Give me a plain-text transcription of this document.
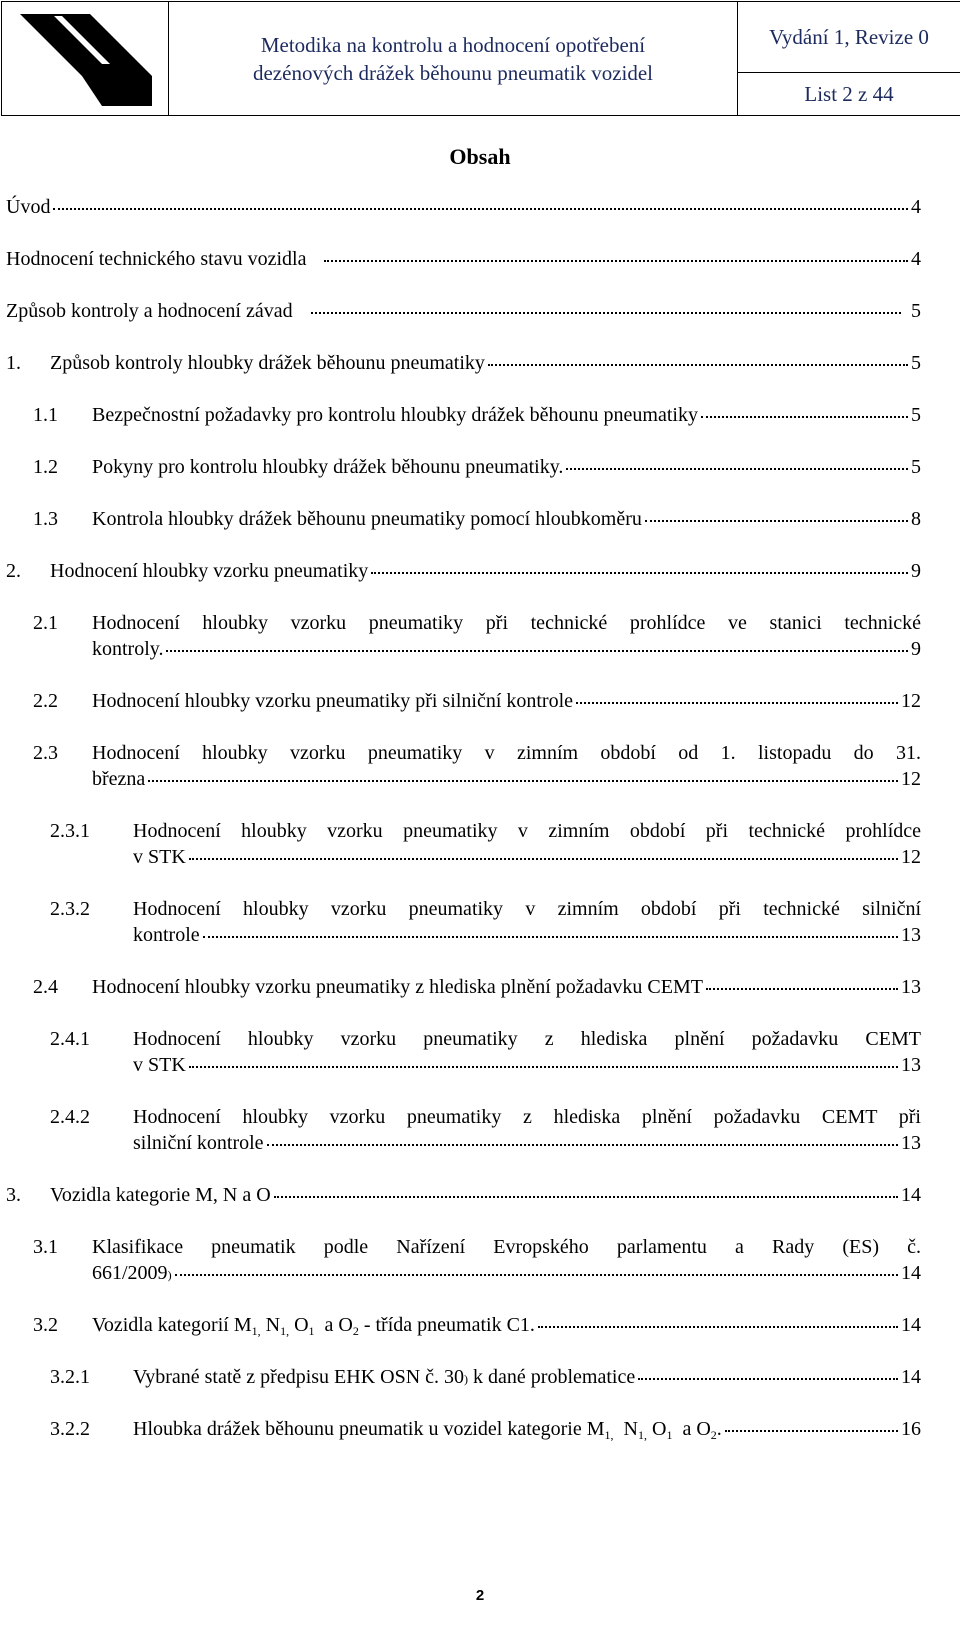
Metodika na kontrolu a hodnocení opotřebení
dezénových drážek běhounu pneumatik vozidel
	Vydání 1, Revize 0
List 2 z 44
Obsah
Úvod	4
Hodnocení technického stavu vozidla	4
Způsob kontroly a hodnocení závad	5
1.	Způsob kontroly hloubky drážek běhounu pneumatiky	5
1.1	Bezpečnostní požadavky pro kontrolu hloubky drážek běhounu pneumatiky	5
1.2	Pokyny pro kontrolu hloubky drážek běhounu pneumatiky.	5
1.3	Kontrola hloubky drážek běhounu pneumatiky pomocí hloubkoměru	8
2.	Hodnocení hloubky vzorku pneumatiky	9
2.1	Hodnocení hloubky vzorku pneumatiky při technické prohlídce ve stanici technické
kontroly.	9
2.2	Hodnocení hloubky vzorku pneumatiky při silniční kontrole	12
2.3	Hodnocení hloubky vzorku pneumatiky v zimním období od 1. listopadu do 31.
března	12
2.3.1	Hodnocení hloubky vzorku pneumatiky v zimním období při technické prohlídce
v STK	12
2.3.2	Hodnocení hloubky vzorku pneumatiky v zimním období při technické silniční
kontrole	13
2.4	Hodnocení hloubky vzorku pneumatiky z hlediska plnění požadavku CEMT	13
2.4.1	Hodnocení hloubky vzorku pneumatiky z hlediska plnění požadavku CEMT
v STK	13
2.4.2	Hodnocení hloubky vzorku pneumatiky z hlediska plnění požadavku CEMT při
silniční kontrole	13
3.	Vozidla kategorie M, N a O	14
3.1	Klasifikace pneumatik podle Nařízení Evropského parlamentu a Rady (ES) č.
661/2009 )	14
3.2	Vozidla kategorií $M_{1,}$ $N_{1,}$ $O_1$  a $O_2$ - třída pneumatik C1.	14
3.2.1	Vybrané statě z předpisu EHK OSN č. 30 ) k dané problematice	14
3.2.2	Hloubka drážek běhounu pneumatik u vozidel kategorie $M_{1,}$  $N_{1,}$ $O_1$  a $O_2$.	16
2
